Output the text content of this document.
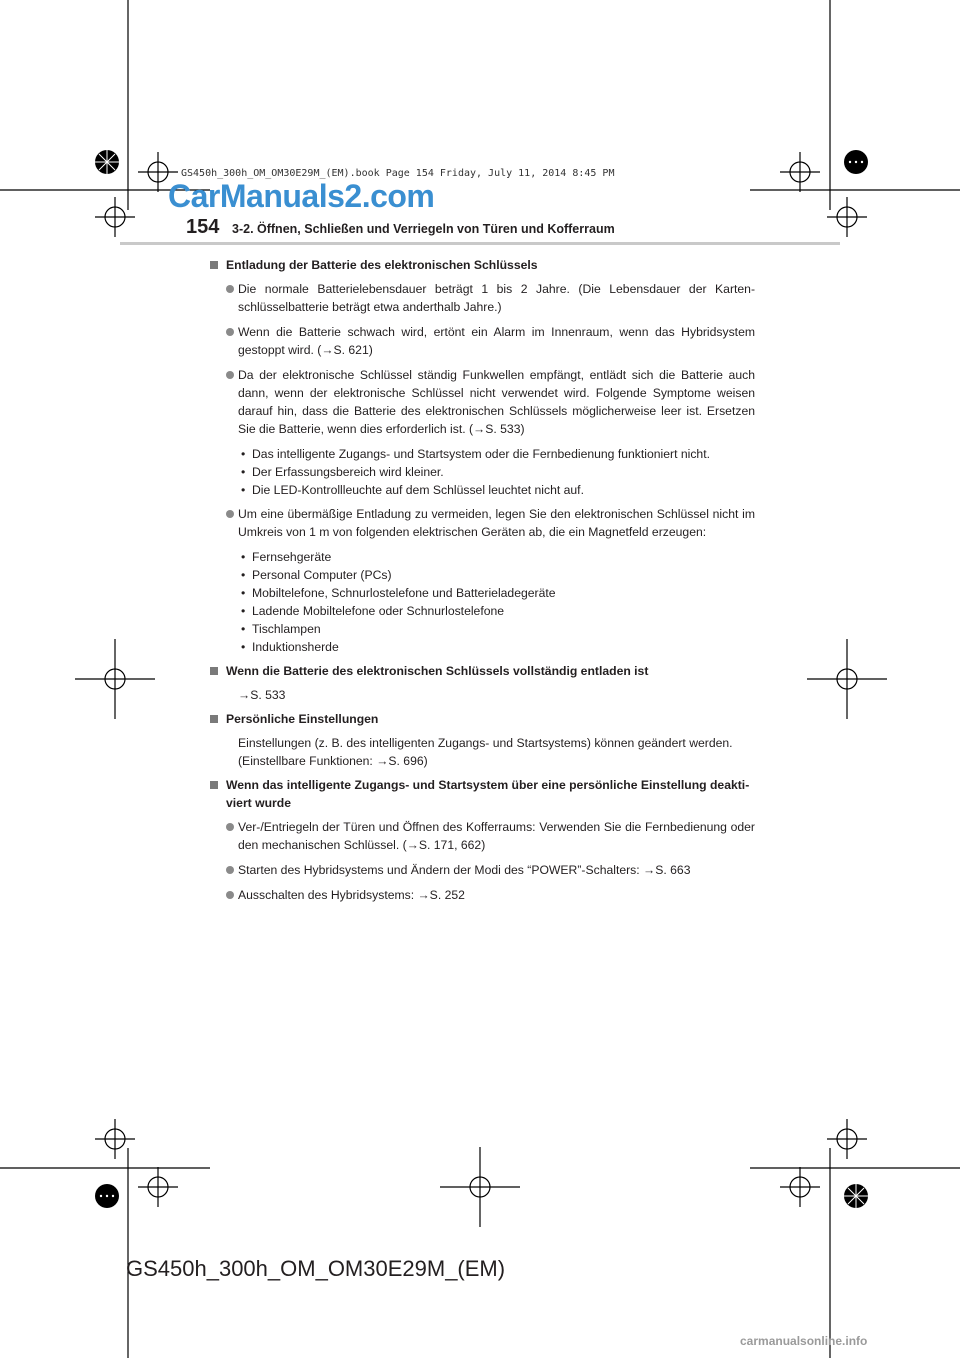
CarManuals2.com
GS450h_300h_OM_OM30E29M_(EM).book Page 154 Friday, July 11, 2014 8:45 PM
154 3-2. Öffnen, Schließen und Verriegeln von Türen und Kofferraum
Entladung der Batterie des elektronischen Schlüssels
Die normale Batterielebensdauer beträgt 1 bis 2 Jahre. (Die Lebensdauer der Karten-schlüsselbatterie beträgt etwa anderthalb Jahre.)
Wenn die Batterie schwach wird, ertönt ein Alarm im Innenraum, wenn das Hybridsystem gestoppt wird. (→S. 621)
Da der elektronische Schlüssel ständig Funkwellen empfängt, entlädt sich die Batterie auch dann, wenn der elektronische Schlüssel nicht verwendet wird. Folgende Symptome weisen darauf hin, dass die Batterie des elektronischen Schlüssels möglicherweise leer ist. Ersetzen Sie die Batterie, wenn dies erforderlich ist. (→S. 533)
• Das intelligente Zugangs- und Startsystem oder die Fernbedienung funktioniert nicht.
• Der Erfassungsbereich wird kleiner.
• Die LED-Kontrollleuchte auf dem Schlüssel leuchtet nicht auf.
Um eine übermäßige Entladung zu vermeiden, legen Sie den elektronischen Schlüssel nicht im Umkreis von 1 m von folgenden elektrischen Geräten ab, die ein Magnetfeld erzeugen:
• Fernsehgeräte
• Personal Computer (PCs)
• Mobiltelefone, Schnurlostelefone und Batterieladegeräte
• Ladende Mobiltelefone oder Schnurlostelefone
• Tischlampen
• Induktionsherde
Wenn die Batterie des elektronischen Schlüssels vollständig entladen ist
→S. 533
Persönliche Einstellungen
Einstellungen (z. B. des intelligenten Zugangs- und Startsystems) können geändert werden. (Einstellbare Funktionen: →S. 696)
Wenn das intelligente Zugangs- und Startsystem über eine persönliche Einstellung deakti-viert wurde
Ver-/Entriegeln der Türen und Öffnen des Kofferraums: Verwenden Sie die Fernbedienung oder den mechanischen Schlüssel. (→S. 171, 662)
Starten des Hybridsystems und Ändern der Modi des “POWER”-Schalters: →S. 663
Ausschalten des Hybridsystems: →S. 252
GS450h_300h_OM_OM30E29M_(EM)
carmanualsonline.info
